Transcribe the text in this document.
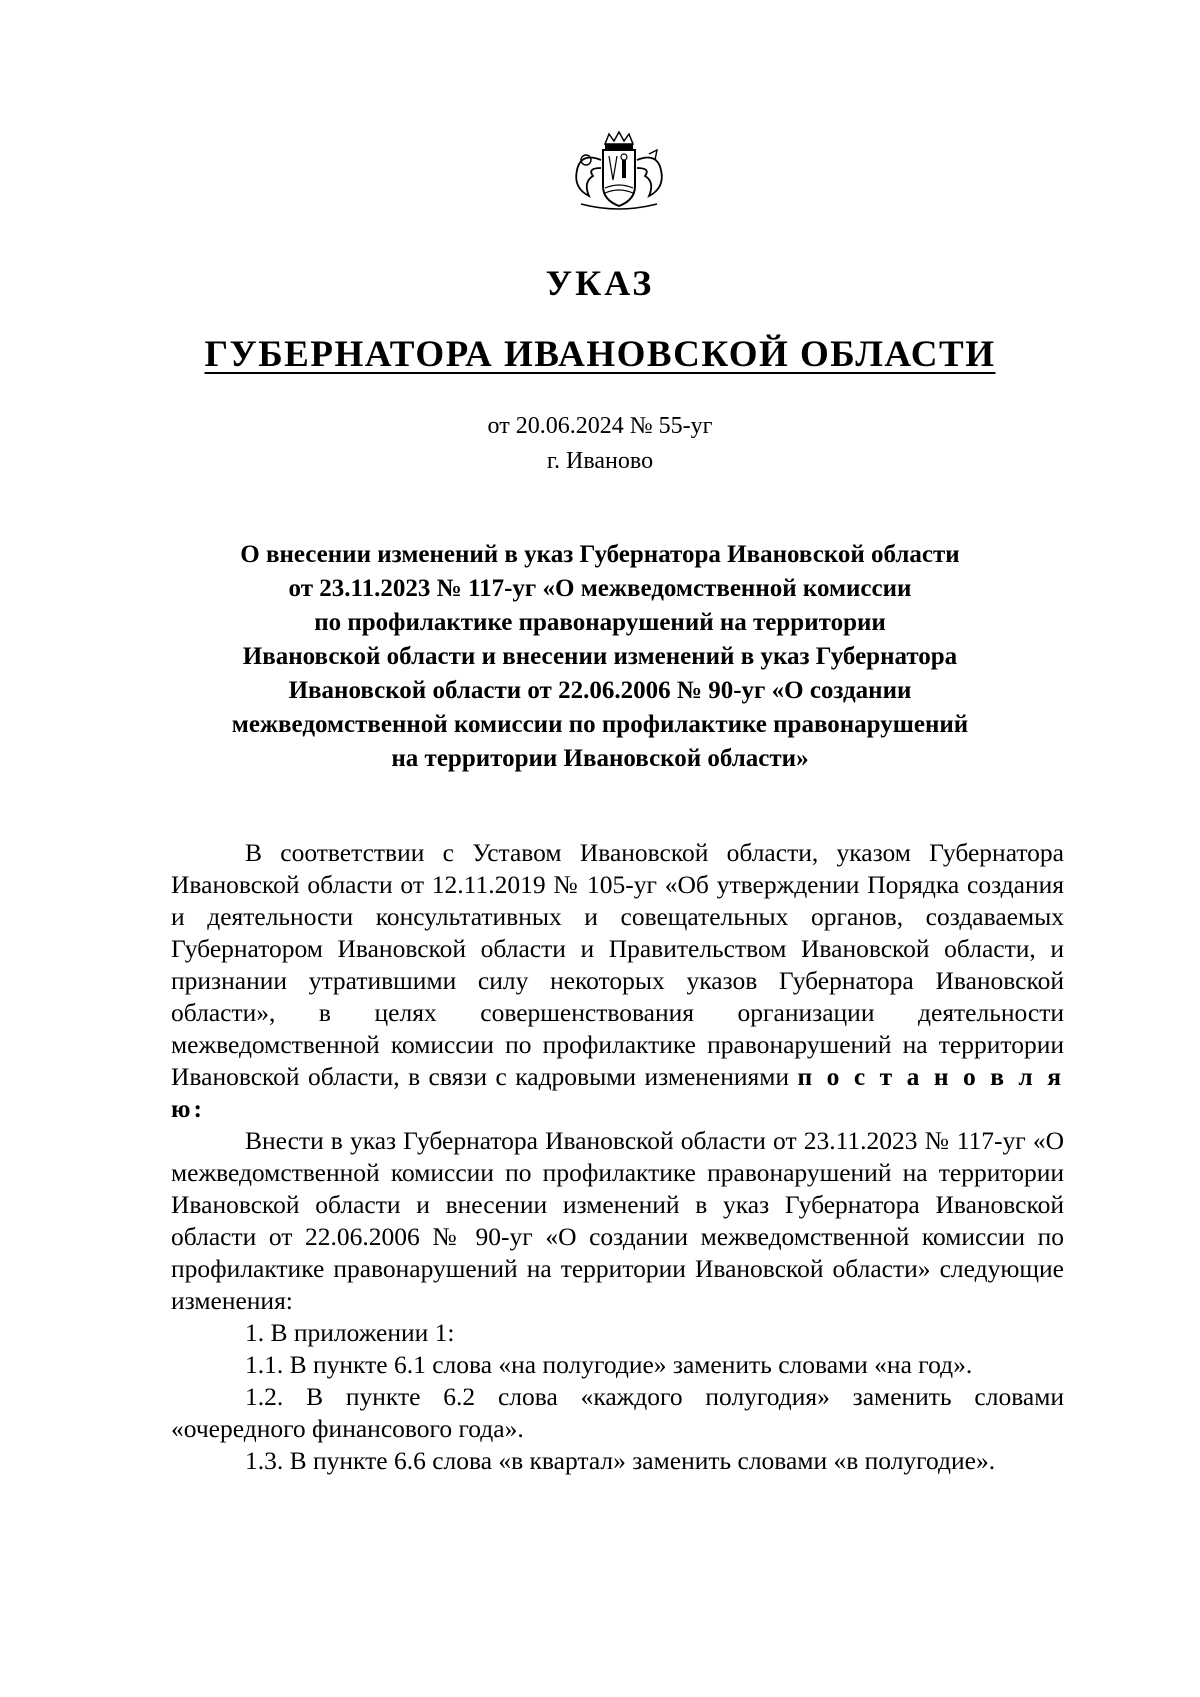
УКАЗ
ГУБЕРНАТОРА ИВАНОВСКОЙ ОБЛАСТИ
от 20.06.2024 № 55-уг
г. Иваново
О внесении изменений в указ Губернатора Ивановской области
от 23.11.2023 № 117-уг «О межведомственной комиссии
по профилактике правонарушений на территории
Ивановской области и внесении изменений в указ Губернатора
Ивановской области от 22.06.2006 № 90-уг «О создании
межведомственной комиссии по профилактике правонарушений
на территории Ивановской области»

В соответствии с Уставом Ивановской области, указом Губернатора Ивановской области от 12.11.2019 № 105-уг «Об утверждении Порядка создания и деятельности консультативных и совещательных органов, создаваемых Губернатором Ивановской области и Правительством Ивановской области, и признании утратившими силу некоторых указов Губернатора Ивановской области», в целях совершенствования организации деятельности межведомственной комиссии по профилактике правонарушений на территории Ивановской области, в связи с кадровыми изменениями п о с т а н о в л я ю:

Внести в указ Губернатора Ивановской области от 23.11.2023 № 117-уг «О межведомственной комиссии по профилактике правонарушений на территории Ивановской области и внесении изменений в указ Губернатора Ивановской области от 22.06.2006 № 90-уг «О создании межведомственной комиссии по профилактике правонарушений на территории Ивановской области» следующие изменения:

1. В приложении 1:

1.1. В пункте 6.1 слова «на полугодие» заменить словами «на год».

1.2. В пункте 6.2 слова «каждого полугодия» заменить словами «очередного финансового года».

1.3. В пункте 6.6 слова «в квартал» заменить словами «в полугодие».
